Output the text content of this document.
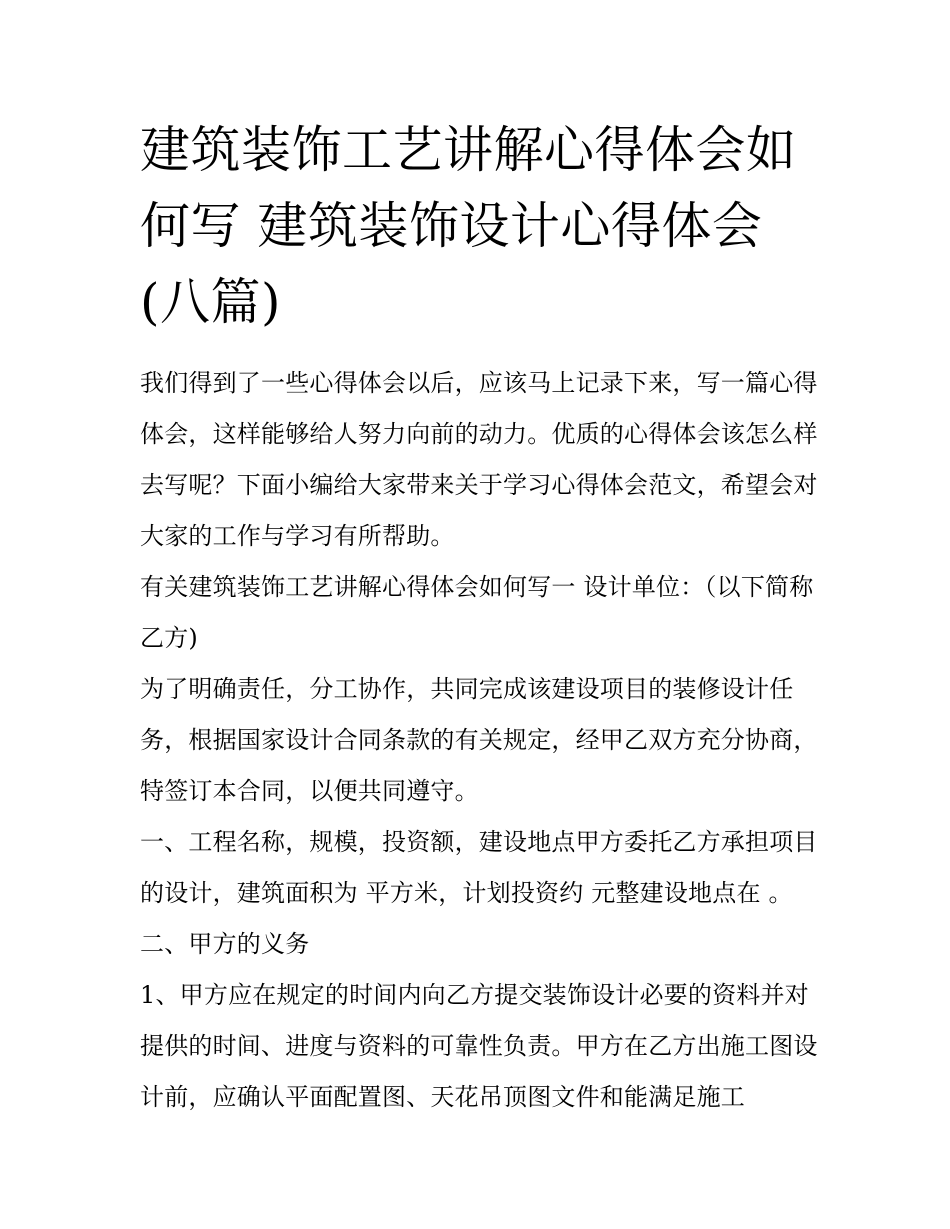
建筑装饰工艺讲解心得体会如何写 建筑装饰设计心得体会(八篇)

我们得到了一些心得体会以后，应该马上记录下来，写一篇心得体会，这样能够给人努力向前的动力。优质的心得体会该怎么样去写呢？下面小编给大家带来关于学习心得体会范文，希望会对大家的工作与学习有所帮助。

有关建筑装饰工艺讲解心得体会如何写一 设计单位：（以下简称乙方)

为了明确责任，分工协作，共同完成该建设项目的装修设计任务，根据国家设计合同条款的有关规定，经甲乙双方充分协商，特签订本合同，以便共同遵守。

一、工程名称，规模，投资额，建设地点甲方委托乙方承担项目的设计，建筑面积为 平方米，计划投资约 元整建设地点在 。 二、甲方的义务

1、甲方应在规定的时间内向乙方提交装饰设计必要的资料并对提供的时间、进度与资料的可靠性负责。甲方在乙方出施工图设计前，应确认平面配置图、天花吊顶图文件和能满足施工
